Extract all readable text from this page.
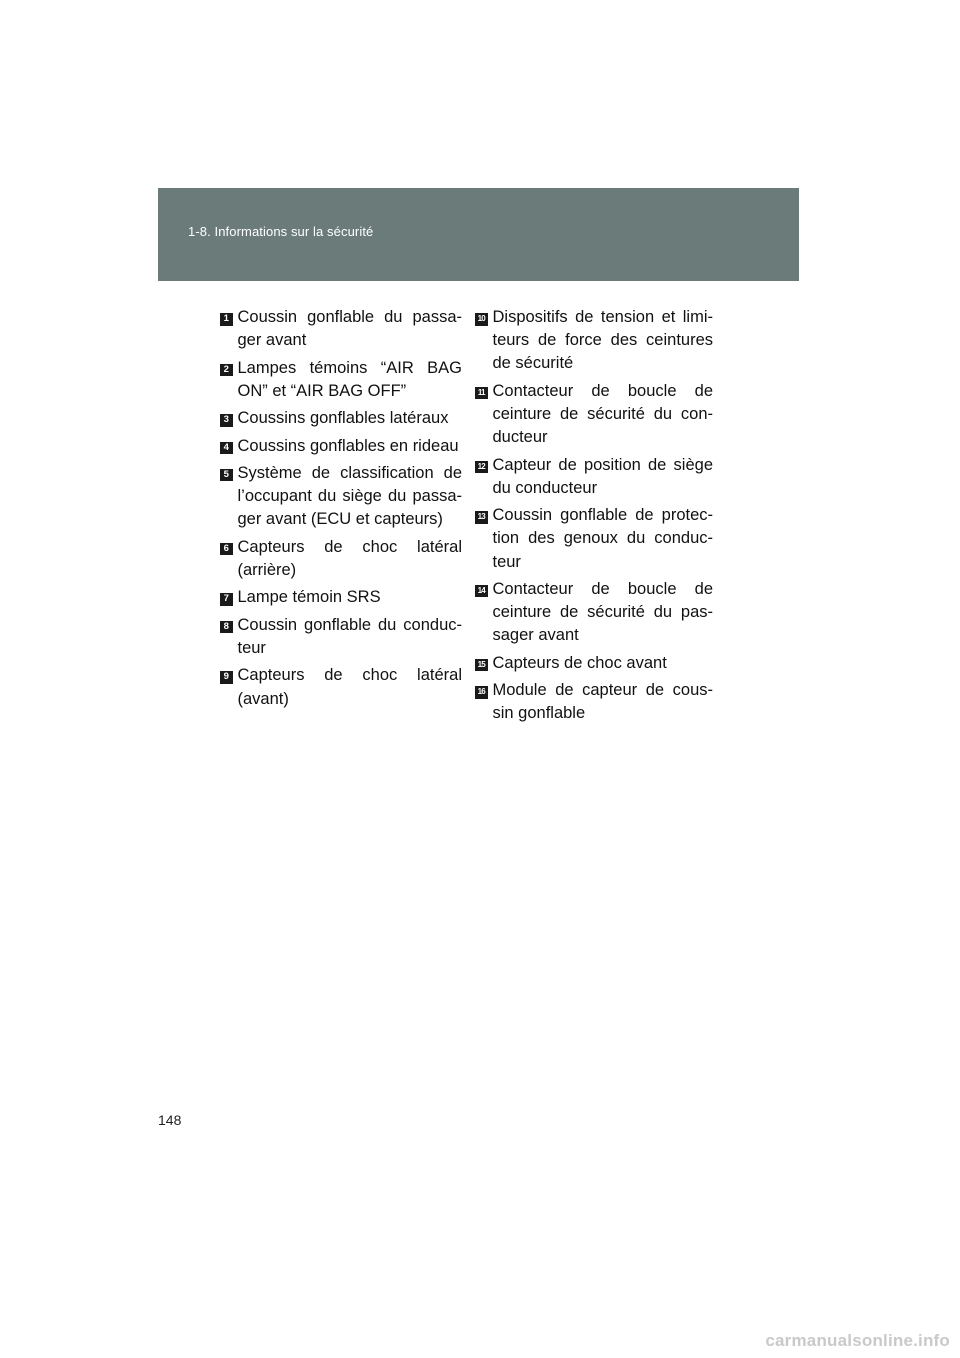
1-8. Informations sur la sécurité
1 Coussin gonflable du passa-ger avant
2 Lampes témoins “AIR BAG ON” et “AIR BAG OFF”
3 Coussins gonflables latéraux
4 Coussins gonflables en rideau
5 Système de classification de l’occupant du siège du passa-ger avant (ECU et capteurs)
6 Capteurs de choc latéral (arrière)
7 Lampe témoin SRS
8 Coussin gonflable du conduc-teur
9 Capteurs de choc latéral (avant)
10 Dispositifs de tension et limi-teurs de force des ceintures de sécurité
11 Contacteur de boucle de ceinture de sécurité du con-ducteur
12 Capteur de position de siège du conducteur
13 Coussin gonflable de protec-tion des genoux du conduc-teur
14 Contacteur de boucle de ceinture de sécurité du pas-sager avant
15 Capteurs de choc avant
16 Module de capteur de cous-sin gonflable
148
carmanualsonline.info
